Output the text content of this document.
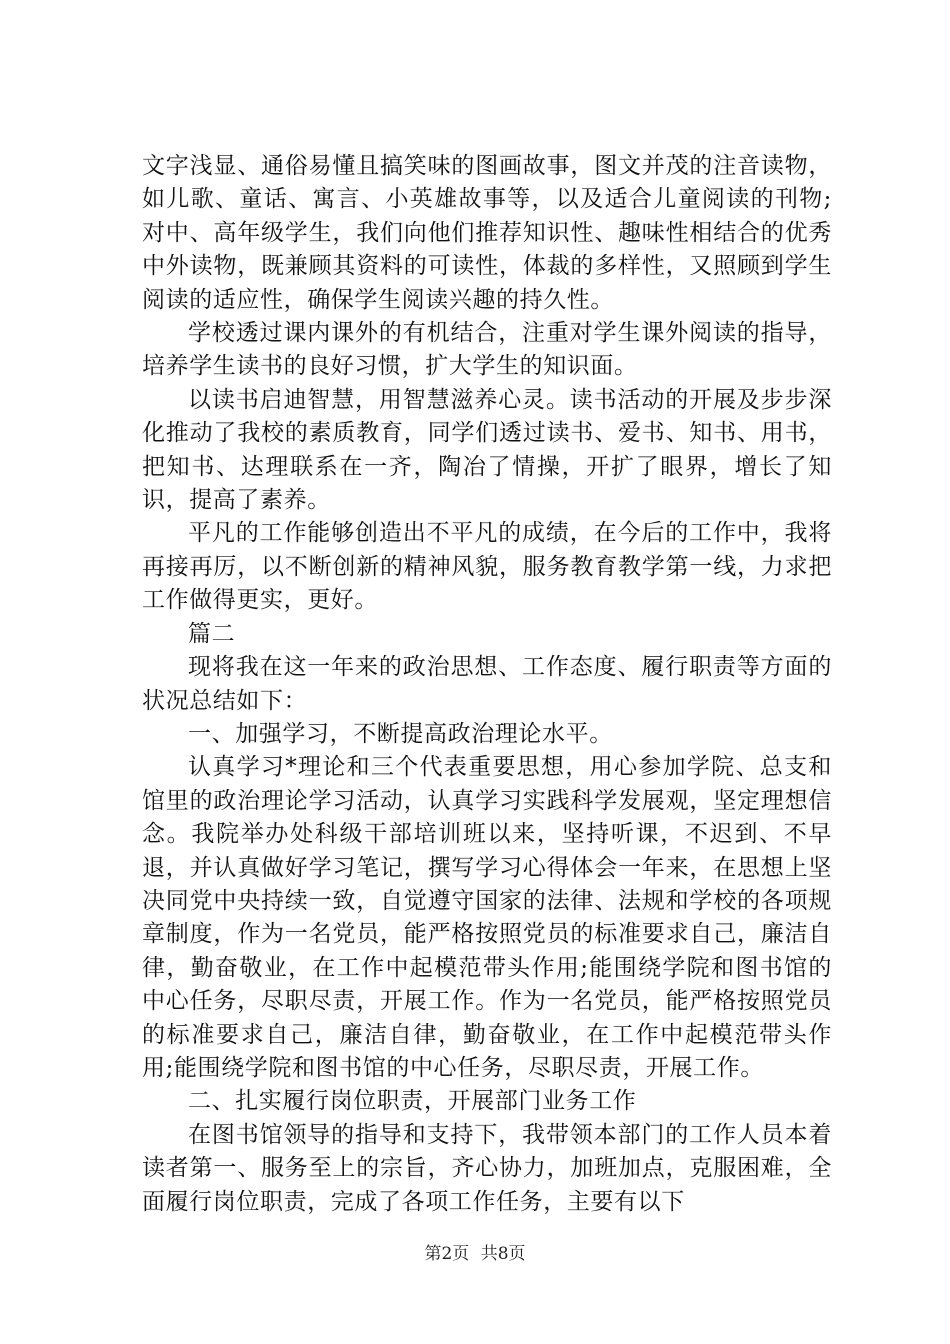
文字浅显、通俗易懂且搞笑味的图画故事，图文并茂的注音读物，如儿歌、童话、寓言、小英雄故事等，以及适合儿童阅读的刊物;对中、高年级学生，我们向他们推荐知识性、趣味性相结合的优秀中外读物，既兼顾其资料的可读性，体裁的多样性，又照顾到学生阅读的适应性，确保学生阅读兴趣的持久性。

学校透过课内课外的有机结合，注重对学生课外阅读的指导，培养学生读书的良好习惯，扩大学生的知识面。

以读书启迪智慧，用智慧滋养心灵。读书活动的开展及步步深化推动了我校的素质教育，同学们透过读书、爱书、知书、用书，把知书、达理联系在一齐，陶冶了情操，开扩了眼界，增长了知识，提高了素养。

平凡的工作能够创造出不平凡的成绩，在今后的工作中，我将再接再厉，以不断创新的精神风貌，服务教育教学第一线，力求把工作做得更实，更好。

篇二

现将我在这一年来的政治思想、工作态度、履行职责等方面的状况总结如下：

一、加强学习，不断提高政治理论水平。

认真学习*理论和三个代表重要思想，用心参加学院、总支和馆里的政治理论学习活动，认真学习实践科学发展观，坚定理想信念。我院举办处科级干部培训班以来，坚持听课，不迟到、不早退，并认真做好学习笔记，撰写学习心得体会一年来，在思想上坚决同党中央持续一致，自觉遵守国家的法律、法规和学校的各项规章制度，作为一名党员，能严格按照党员的标准要求自己，廉洁自律，勤奋敬业，在工作中起模范带头作用;能围绕学院和图书馆的中心任务，尽职尽责，开展工作。作为一名党员，能严格按照党员的标准要求自己，廉洁自律，勤奋敬业，在工作中起模范带头作用;能围绕学院和图书馆的中心任务，尽职尽责，开展工作。

二、扎实履行岗位职责，开展部门业务工作

在图书馆领导的指导和支持下，我带领本部门的工作人员本着读者第一、服务至上的宗旨，齐心协力，加班加点，克服困难，全面履行岗位职责，完成了各项工作任务，主要有以下

第2页 共8页
